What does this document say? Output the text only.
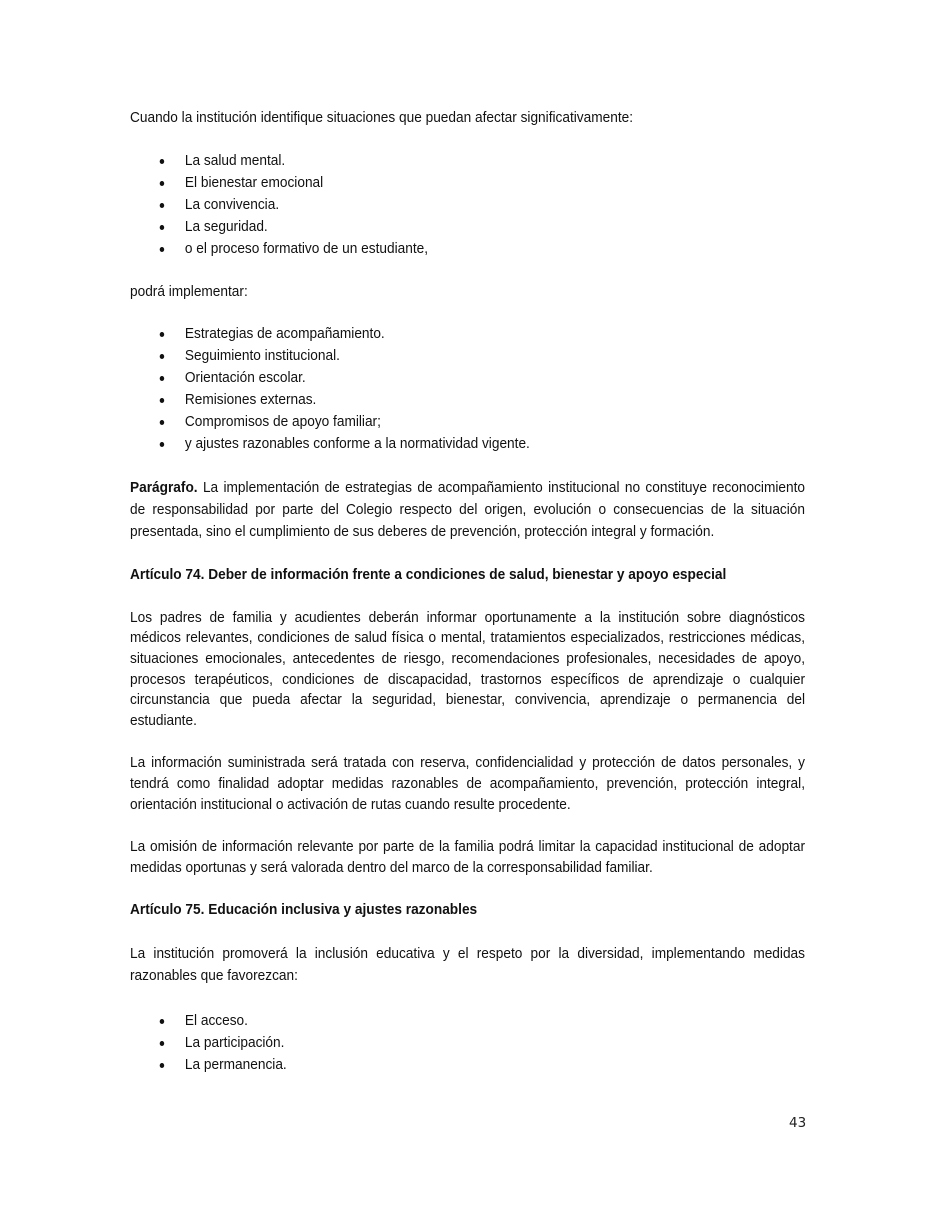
Cuando la institución identifique situaciones que puedan afectar significativamente:

La salud mental.
El bienestar emocional
La convivencia.
La seguridad.
o el proceso formativo de un estudiante,

podrá implementar:

Estrategias de acompañamiento.
Seguimiento institucional.
Orientación escolar.
Remisiones externas.
Compromisos de apoyo familiar;
y ajustes razonables conforme a la normatividad vigente.

Parágrafo. La implementación de estrategias de acompañamiento institucional no constituye reconocimiento de responsabilidad por parte del Colegio respecto del origen, evolución o consecuencias de la situación presentada, sino el cumplimiento de sus deberes de prevención, protección integral y formación.

Artículo 74. Deber de información frente a condiciones de salud, bienestar y apoyo especial

Los padres de familia y acudientes deberán informar oportunamente a la institución sobre diagnósticos médicos relevantes, condiciones de salud física o mental, tratamientos especializados, restricciones médicas, situaciones emocionales, antecedentes de riesgo, recomendaciones profesionales, necesidades de apoyo, procesos terapéuticos, condiciones de discapacidad, trastornos específicos de aprendizaje o cualquier circunstancia que pueda afectar la seguridad, bienestar, convivencia, aprendizaje o permanencia del estudiante.

La información suministrada será tratada con reserva, confidencialidad y protección de datos personales, y tendrá como finalidad adoptar medidas razonables de acompañamiento, prevención, protección integral, orientación institucional o activación de rutas cuando resulte procedente.

La omisión de información relevante por parte de la familia podrá limitar la capacidad institucional de adoptar medidas oportunas y será valorada dentro del marco de la corresponsabilidad familiar.

Artículo 75. Educación inclusiva y ajustes razonables

La institución promoverá la inclusión educativa y el respeto por la diversidad, implementando medidas razonables que favorezcan:

El acceso.
La participación.
La permanencia.
43
